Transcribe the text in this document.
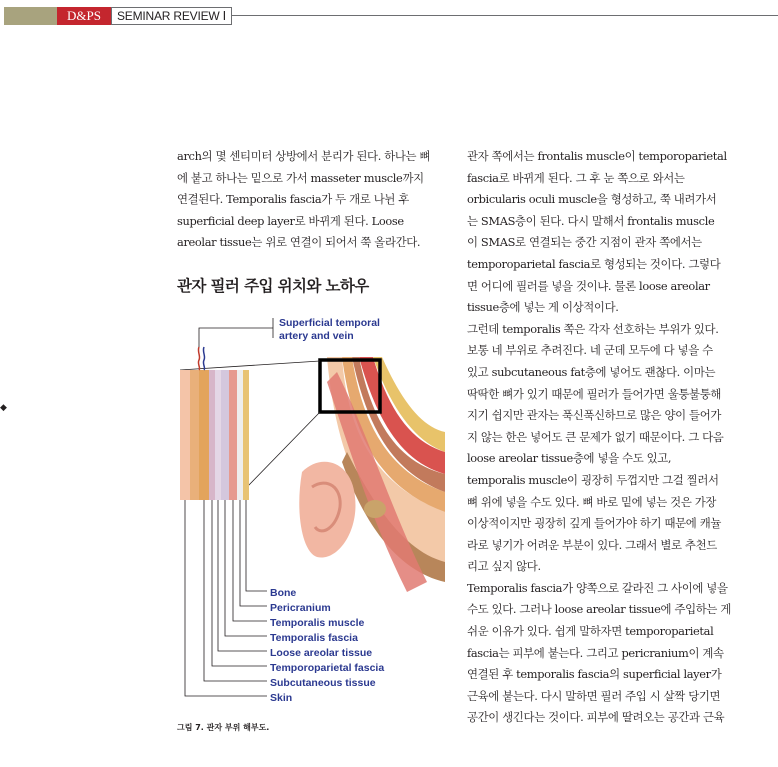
D&PS	SEMINAR REVIEW Ⅰ
◆
arch의 몇 센티미터 상방에서 분리가 된다. 하나는 뼈
에 붙고 하나는 밑으로 가서 masseter muscle까지
연결된다. Temporalis fascia가 두 개로 나뉜 후
superficial deep layer로 바뀌게 된다. Loose
areolar tissue는 위로 연결이 되어서 쭉 올라간다.
관자 필러 주입 위치와 노하우
Superficial temporal
artery and vein
Bone
Pericranium
Temporalis muscle
Temporalis fascia
Loose areolar tissue
Temporoparietal fascia
Subcutaneous tissue
Skin
그림 7. 관자 부위 해부도.
관자 쪽에서는 frontalis muscle이 temporoparietal
fascia로 바뀌게 된다. 그 후 눈 쪽으로 와서는
orbicularis oculi muscle을 형성하고, 쭉 내려가서
는 SMAS층이 된다. 다시 말해서 frontalis muscle
이 SMAS로 연결되는 중간 지점이 관자 쪽에서는
temporoparietal fascia로 형성되는 것이다. 그렇다
면 어디에 필러를 넣을 것이냐. 물론 loose areolar
tissue층에 넣는 게 이상적이다.
그런데 temporalis 쪽은 각자 선호하는 부위가 있다.
보통 네 부위로 추려진다. 네 군데 모두에 다 넣을 수
있고 subcutaneous fat층에 넣어도 괜찮다. 이마는
딱딱한 뼈가 있기 때문에 필러가 들어가면 울퉁불퉁해
지기 쉽지만 관자는 푹신푹신하므로 많은 양이 들어가
지 않는 한은 넣어도 큰 문제가 없기 때문이다. 그 다음
loose areolar tissue층에 넣을 수도 있고,
temporalis muscle이 굉장히 두껍지만 그걸 찔러서
뼈 위에 넣을 수도 있다. 뼈 바로 밑에 넣는 것은 가장
이상적이지만 굉장히 깊게 들어가야 하기 때문에 캐뉼
라로 넣기가 어려운 부분이 있다. 그래서 별로 추천드
리고 싶지 않다.
Temporalis fascia가 양쪽으로 갈라진 그 사이에 넣을
수도 있다. 그러나 loose areolar tissue에 주입하는 게
쉬운 이유가 있다. 쉽게 말하자면 temporoparietal
fascia는 피부에 붙는다. 그리고 pericranium이 계속
연결된 후 temporalis fascia의 superficial layer가
근육에 붙는다. 다시 말하면 필러 주입 시 살짝 당기면
공간이 생긴다는 것이다. 피부에 딸려오는 공간과 근육
